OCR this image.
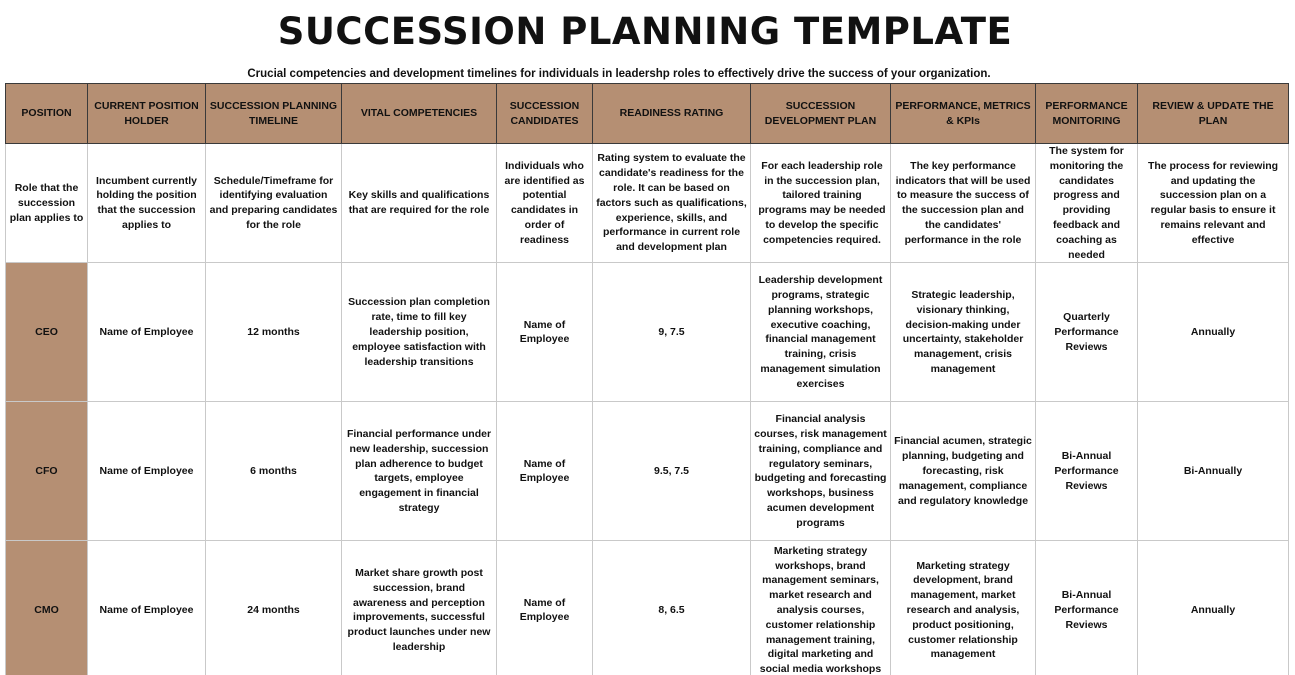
SUCCESSION PLANNING TEMPLATE
Crucial competencies and development timelines for individuals in leadershp roles to effectively drive the success of your organization.
POSITION	CURRENT POSITION HOLDER	SUCCESSION PLANNING TIMELINE	VITAL COMPETENCIES	SUCCESSION CANDIDATES	READINESS RATING	SUCCESSION DEVELOPMENT PLAN	PERFORMANCE, METRICS & KPIs	PERFORMANCE MONITORING	REVIEW & UPDATE THE PLAN
Role that the succession plan applies to	Incumbent currently holding the position that the succession applies to	Schedule/Timeframe for identifying evaluation and preparing candidates for the role	Key skills and qualifications that are required for the role	Individuals who are identified as potential candidates in order of readiness	Rating system to evaluate the candidate's readiness for the role. It can be based on factors such as qualifications, experience, skills, and performance in current role and development plan	For each leadership role in the succession plan, tailored training programs may be needed to develop the specific competencies required.	The key performance indicators that will be used to measure the success of the succession plan and the candidates' performance in the role	The system for monitoring the candidates progress and providing feedback and coaching as needed	The process for reviewing and updating the succession plan on a regular basis to ensure it remains relevant and effective
CEO	Name of Employee	12 months	Succession plan completion rate, time to fill key leadership position, employee satisfaction with leadership transitions	Name of Employee	9, 7.5	Leadership development programs, strategic planning workshops, executive coaching, financial management training, crisis management simulation exercises	Strategic leadership, visionary thinking, decision-making under uncertainty, stakeholder management, crisis management	Quarterly Performance Reviews	Annually
CFO	Name of Employee	6 months	Financial performance under new leadership, succession plan adherence to budget targets, employee engagement in financial strategy	Name of Employee	9.5, 7.5	Financial analysis courses, risk management training, compliance and regulatory seminars, budgeting and forecasting workshops, business acumen development programs	Financial acumen, strategic planning, budgeting and forecasting, risk management, compliance and regulatory knowledge	Bi-Annual Performance Reviews	Bi-Annually
CMO	Name of Employee	24 months	Market share growth post succession, brand awareness and perception improvements, successful product launches under new leadership	Name of Employee	8, 6.5	Marketing strategy workshops, brand management seminars, market research and analysis courses, customer relationship management training, digital marketing and social media workshops	Marketing strategy development, brand management, market research and analysis, product positioning, customer relationship management	Bi-Annual Performance Reviews	Annually
